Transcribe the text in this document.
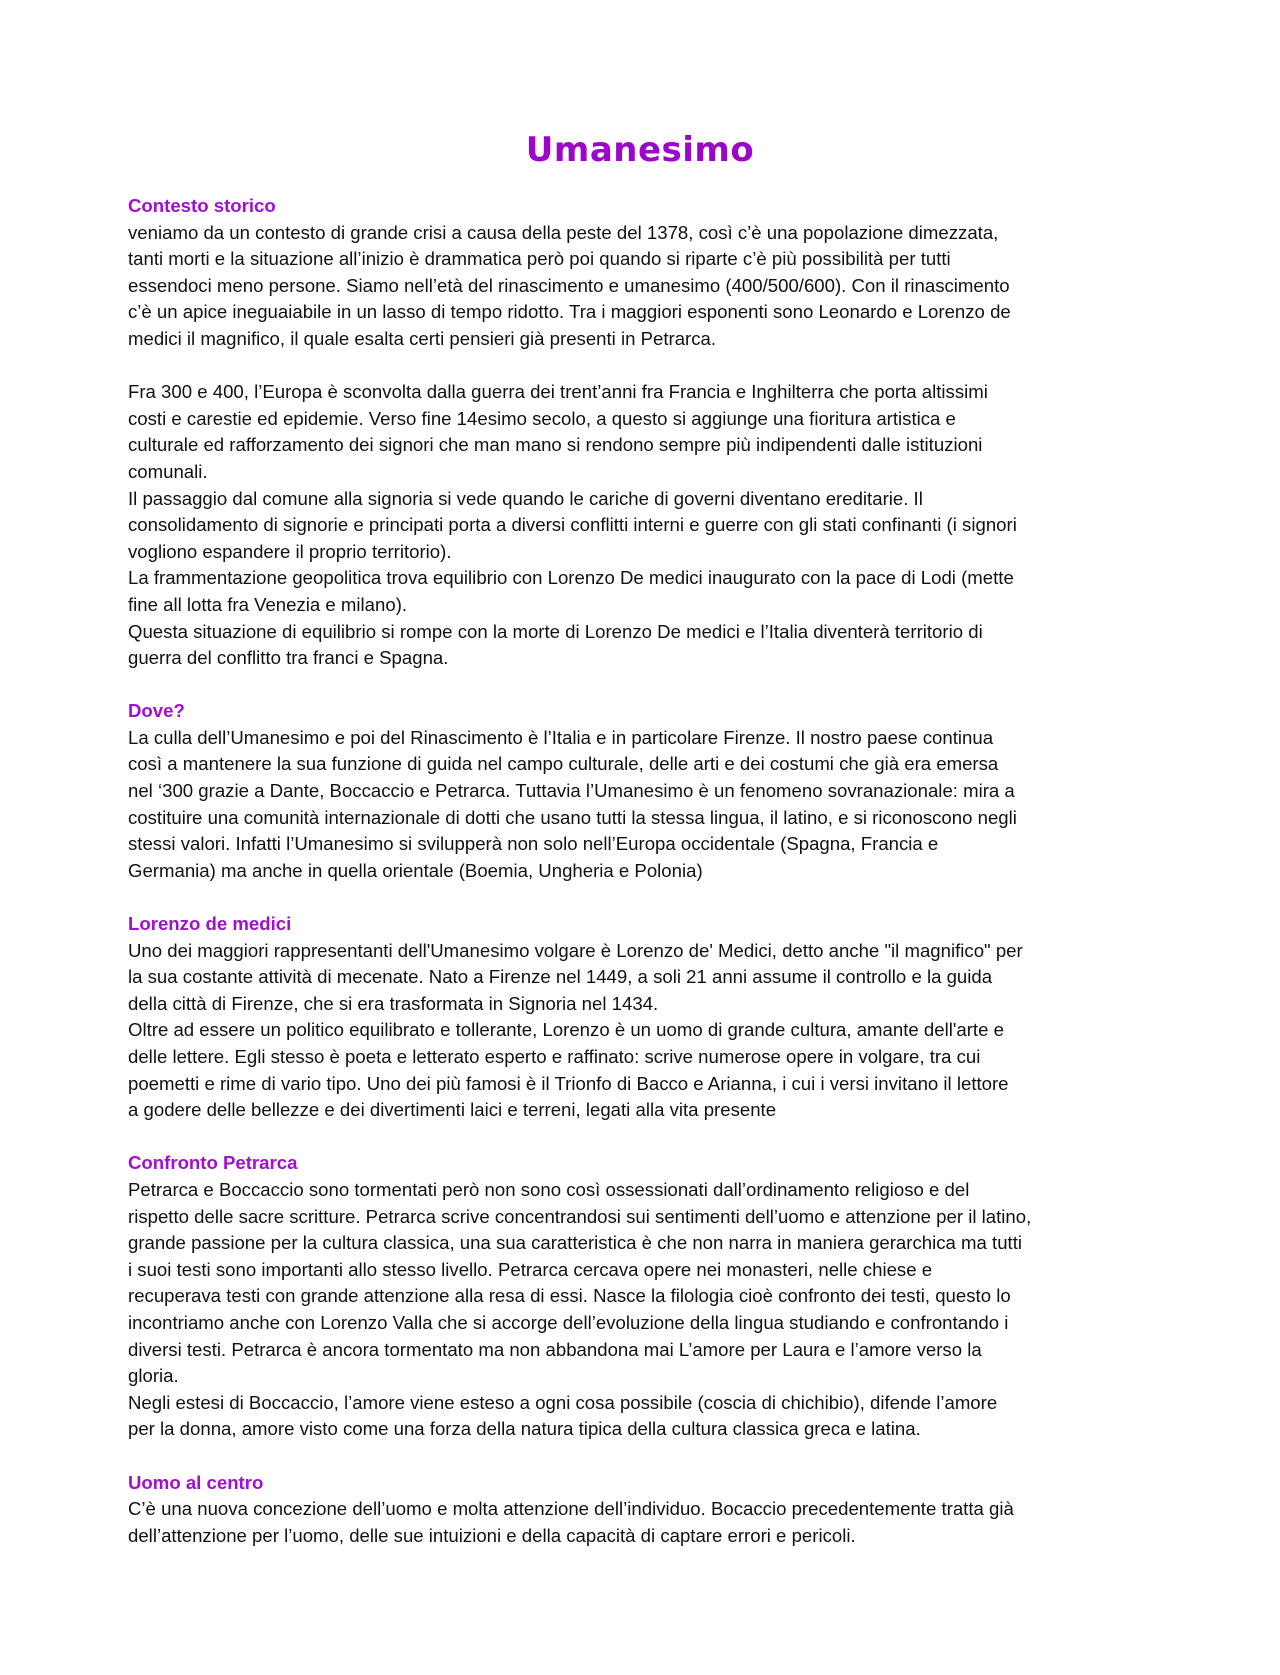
Umanesimo

Contesto storico

veniamo da un contesto di grande crisi a causa della peste del 1378, così c’è una popolazione dimezzata,
tanti morti e la situazione all’inizio è drammatica però poi quando si riparte c’è più possibilità per tutti
essendoci meno persone. Siamo nell’età del rinascimento e umanesimo (400/500/600). Con il rinascimento
c’è un apice ineguaiabile in un lasso di tempo ridotto. Tra i maggiori esponenti sono Leonardo e Lorenzo de
medici il magnifico, il quale esalta certi pensieri già presenti in Petrarca.

Fra 300 e 400, l’Europa è sconvolta dalla guerra dei trent’anni fra Francia e Inghilterra che porta altissimi
costi e carestie ed epidemie. Verso fine 14esimo secolo, a questo si aggiunge una fioritura artistica e
culturale ed rafforzamento dei signori che man mano si rendono sempre più indipendenti dalle istituzioni
comunali.

Il passaggio dal comune alla signoria si vede quando le cariche di governi diventano ereditarie. Il
consolidamento di signorie e principati porta a diversi conflitti interni e guerre con gli stati confinanti (i signori
vogliono espandere il proprio territorio).

La frammentazione geopolitica trova equilibrio con Lorenzo De medici inaugurato con la pace di Lodi (mette
fine all lotta fra Venezia e milano).

Questa situazione di equilibrio si rompe con la morte di Lorenzo De medici e l’Italia diventerà territorio di
guerra del conflitto tra franci e Spagna.

Dove?

La culla dell’Umanesimo e poi del Rinascimento è l’Italia e in particolare Firenze. Il nostro paese continua
così a mantenere la sua funzione di guida nel campo culturale, delle arti e dei costumi che già era emersa
nel ‘300 grazie a Dante, Boccaccio e Petrarca. Tuttavia l’Umanesimo è un fenomeno sovranazionale: mira a
costituire una comunità internazionale di dotti che usano tutti la stessa lingua, il latino, e si riconoscono negli
stessi valori. Infatti l’Umanesimo si svilupperà non solo nell’Europa occidentale (Spagna, Francia e
Germania) ma anche in quella orientale (Boemia, Ungheria e Polonia)

Lorenzo de medici

Uno dei maggiori rappresentanti dell'Umanesimo volgare è Lorenzo de' Medici, detto anche "il magnifico" per
la sua costante attività di mecenate. Nato a Firenze nel 1449, a soli 21 anni assume il controllo e la guida
della città di Firenze, che si era trasformata in Signoria nel 1434.

Oltre ad essere un politico equilibrato e tollerante, Lorenzo è un uomo di grande cultura, amante dell'arte e
delle lettere. Egli stesso è poeta e letterato esperto e raffinato: scrive numerose opere in volgare, tra cui
poemetti e rime di vario tipo. Uno dei più famosi è il Trionfo di Bacco e Arianna, i cui i versi invitano il lettore
a godere delle bellezze e dei divertimenti laici e terreni, legati alla vita presente

Confronto Petrarca

Petrarca e Boccaccio sono tormentati però non sono così ossessionati dall’ordinamento religioso e del
rispetto delle sacre scritture. Petrarca scrive concentrandosi sui sentimenti dell’uomo e attenzione per il latino,
grande passione per la cultura classica, una sua caratteristica è che non narra in maniera gerarchica ma tutti
i suoi testi sono importanti allo stesso livello. Petrarca cercava opere nei monasteri, nelle chiese e
recuperava testi con grande attenzione alla resa di essi. Nasce la filologia cioè confronto dei testi, questo lo
incontriamo anche con Lorenzo Valla che si accorge dell’evoluzione della lingua studiando e confrontando i
diversi testi. Petrarca è ancora tormentato ma non abbandona mai L’amore per Laura e l’amore verso la
gloria.

Negli estesi di Boccaccio, l’amore viene esteso a ogni cosa possibile (coscia di chichibio), difende l’amore
per la donna, amore visto come una forza della natura tipica della cultura classica greca e latina.

Uomo al centro

C’è una nuova concezione dell’uomo e molta attenzione dell’individuo. Bocaccio precedentemente tratta già
dell’attenzione per l’uomo, delle sue intuizioni e della capacità di captare errori e pericoli.
